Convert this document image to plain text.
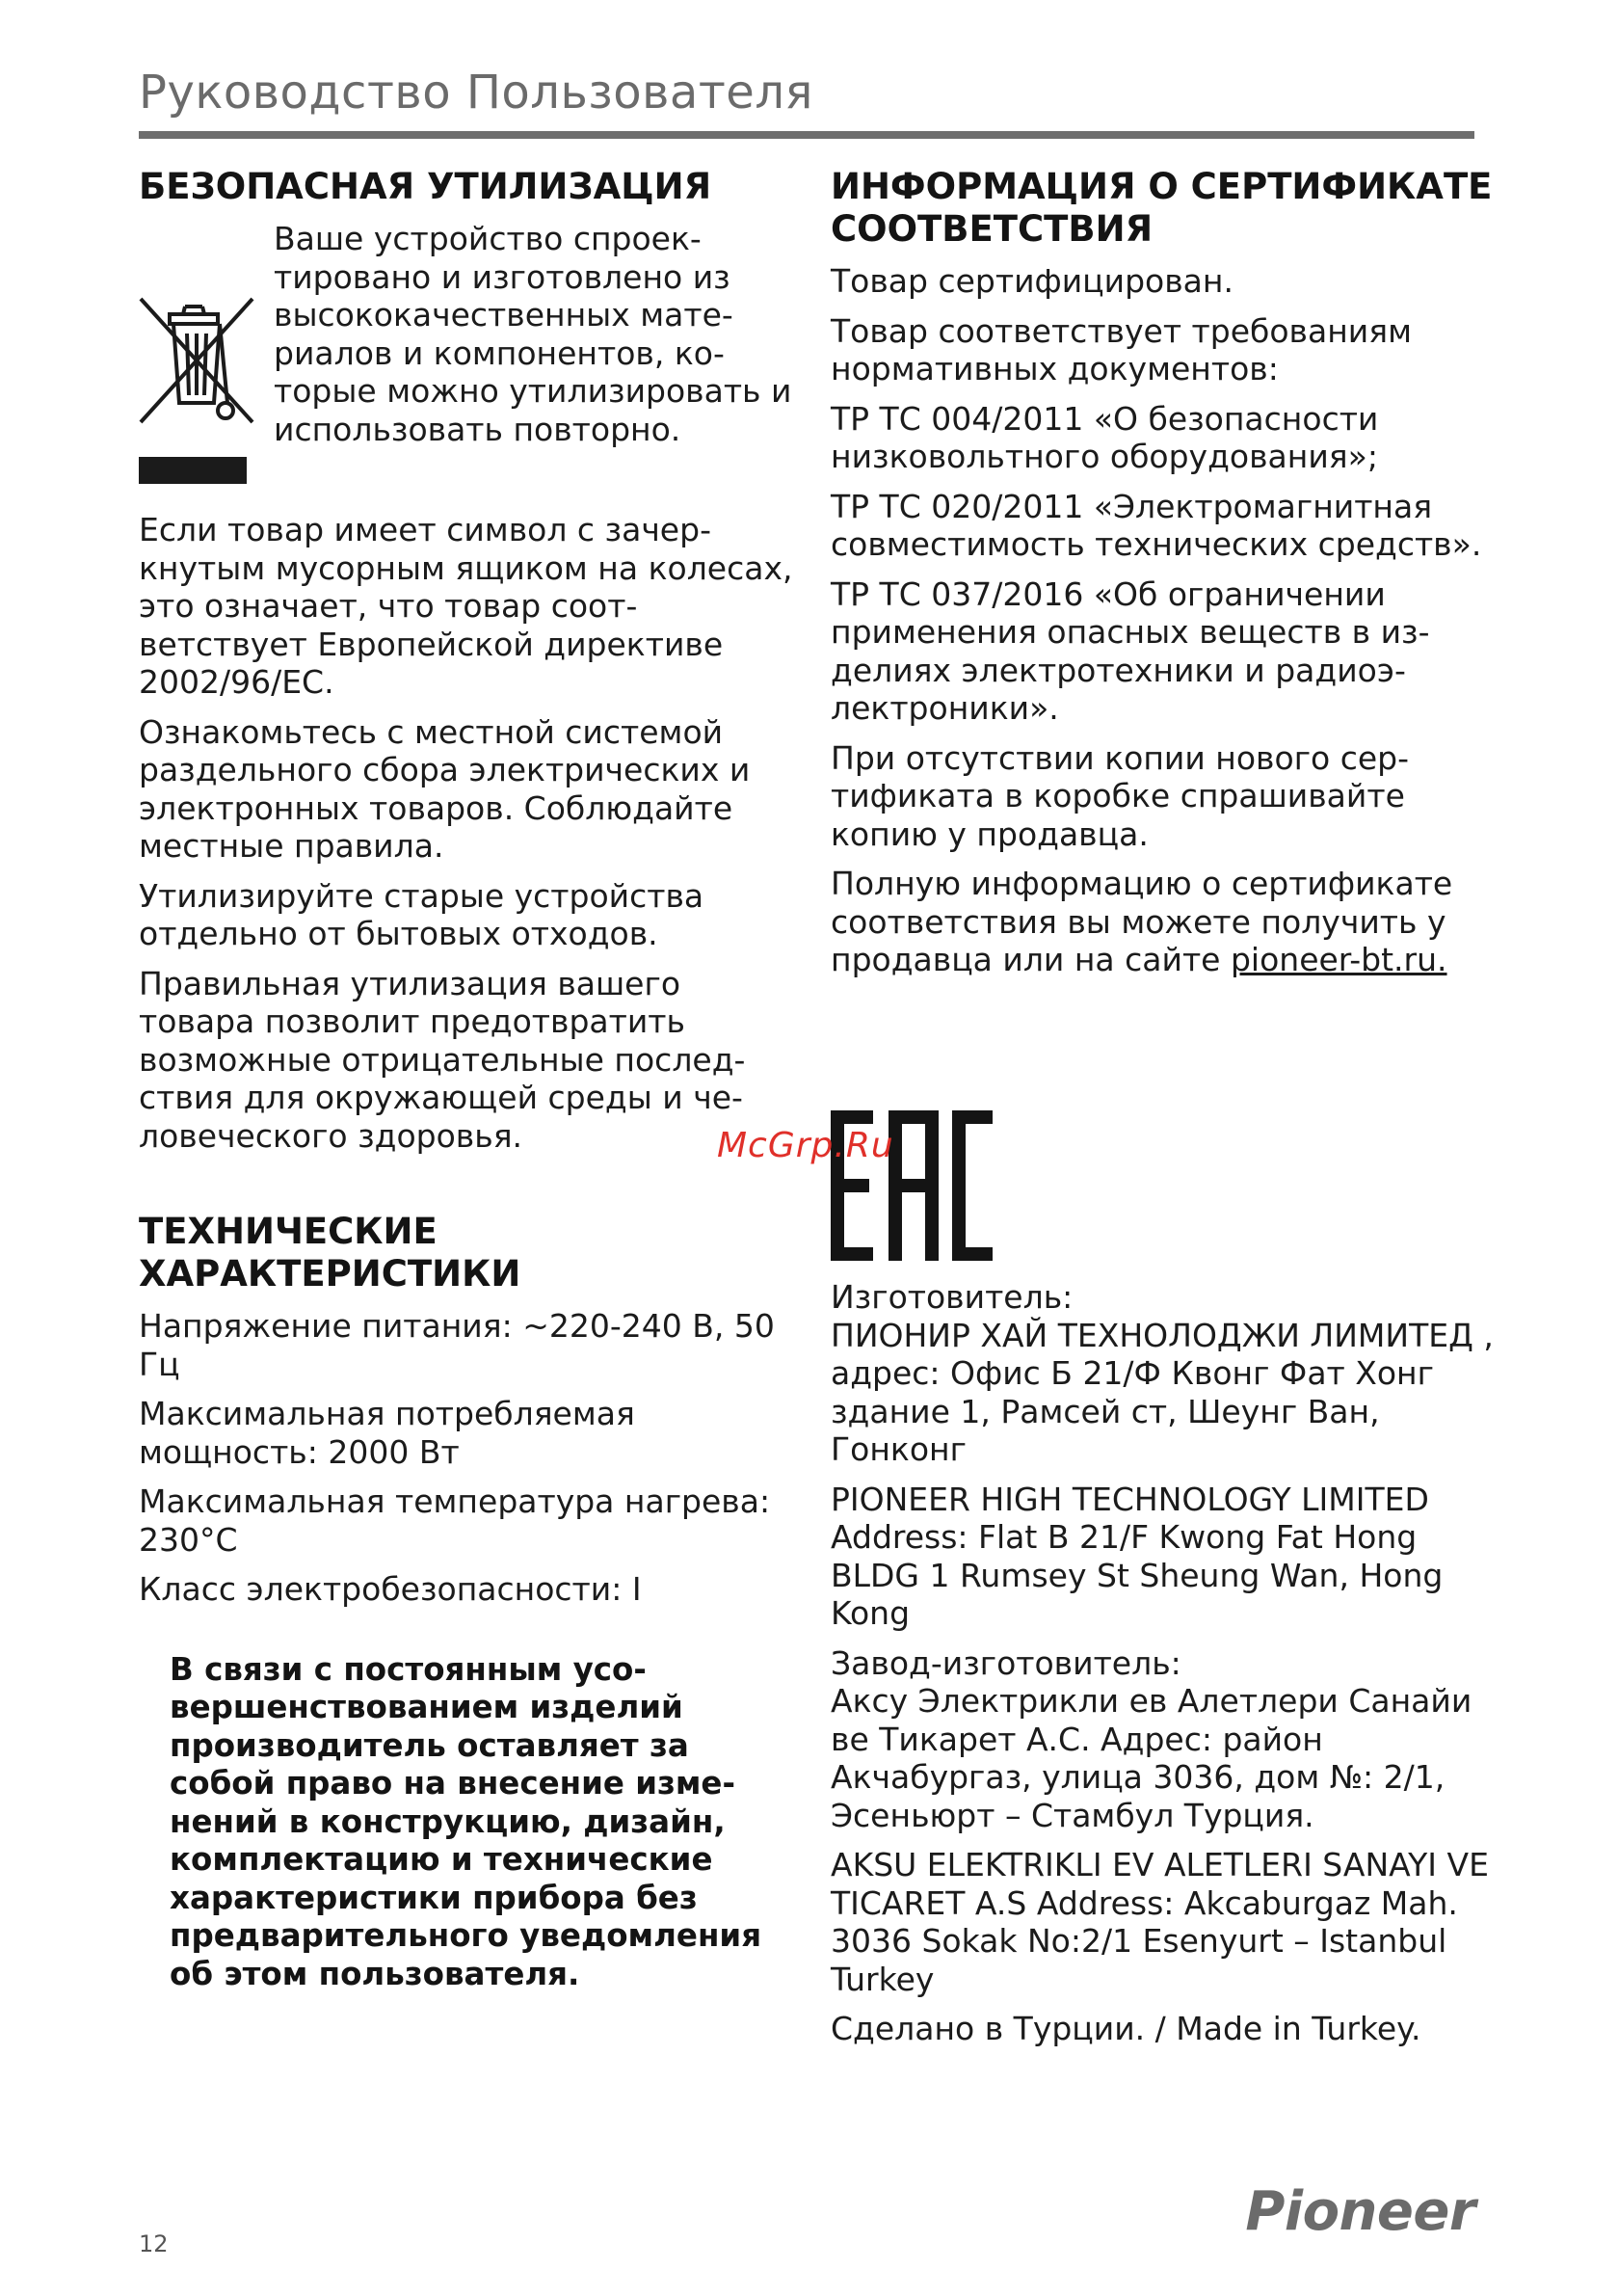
Руководство Пользователя
БЕЗОПАСНАЯ УТИЛИЗАЦИЯ

Ваше устройство спроектировано и изготовлено из высококачественных материалов и компонентов, которые можно утилизировать и использовать повторно.

Если товар имеет символ с зачеркнутым мусорным ящиком на колесах, это означает, что товар соответствует Европейской директиве 2002/96/EC.

Ознакомьтесь с местной системой раздельного сбора электрических и электронных товаров. Соблюдайте местные правила.

Утилизируйте старые устройства отдельно от бытовых отходов.

Правильная утилизация вашего товара позволит предотвратить возможные отрицательные последствия для окружающей среды и человеческого здоровья.

ТЕХНИЧЕСКИЕ ХАРАКТЕРИСТИКИ

Напряжение питания: ~220-240 В, 50 Гц

Максимальная потребляемая мощность: 2000 Вт

Максимальная температура нагрева: 230°C

Класс электробезопасности: I

В связи с постоянным усовершенствованием изделий производитель оставляет за собой право на внесение изменений в конструкцию, дизайн, комплектацию и технические характеристики прибора без предварительного уведомления об этом пользователя.
ИНФОРМАЦИЯ О СЕРТИФИКАТЕ СООТВЕТСТВИЯ

Товар сертифицирован.

Товар соответствует требованиям нормативных документов:

ТР ТС 004/2011 «О безопасности низковольтного оборудования»;

ТР ТС 020/2011 «Электромагнитная совместимость технических средств».

ТР ТС 037/2016 «Об ограничении применения опасных веществ в изделиях электротехники и радиоэлектроники».

При отсутствии копии нового сертификата в коробке спрашивайте копию у продавца.

Полную информацию о сертификате соответствия вы можете получить у продавца или на сайте pioneer-bt.ru.

McGrp.Ru

Изготовитель:
ПИОНИР ХАЙ ТЕХНОЛОДЖИ ЛИМИТЕД , адрес: Офис Б 21/Ф Квонг Фат Хонг здание 1, Рамсей ст, Шеунг Ван, Гонконг

PIONEER HIGH TECHNOLOGY LIMITED Address: Flat B 21/F Kwong Fat Hong BLDG 1 Rumsey St Sheung Wan, Hong Kong

Завод-изготовитель:
Аксу Электрикли ев Алетлери Санайи ве Тикарет А.С. Адрес: район Акчабургаз, улица 3036, дом №: 2/1, Эсеньюрт – Стамбул Турция.

AKSU ELEKTRIKLI EV ALETLERI SANAYI VE TICARET A.S Address: Akcaburgaz Mah. 3036 Sokak No:2/1 Esenyurt – Istanbul Turkey

Сделано в Турции. / Made in Turkey.

12
Pioneer
